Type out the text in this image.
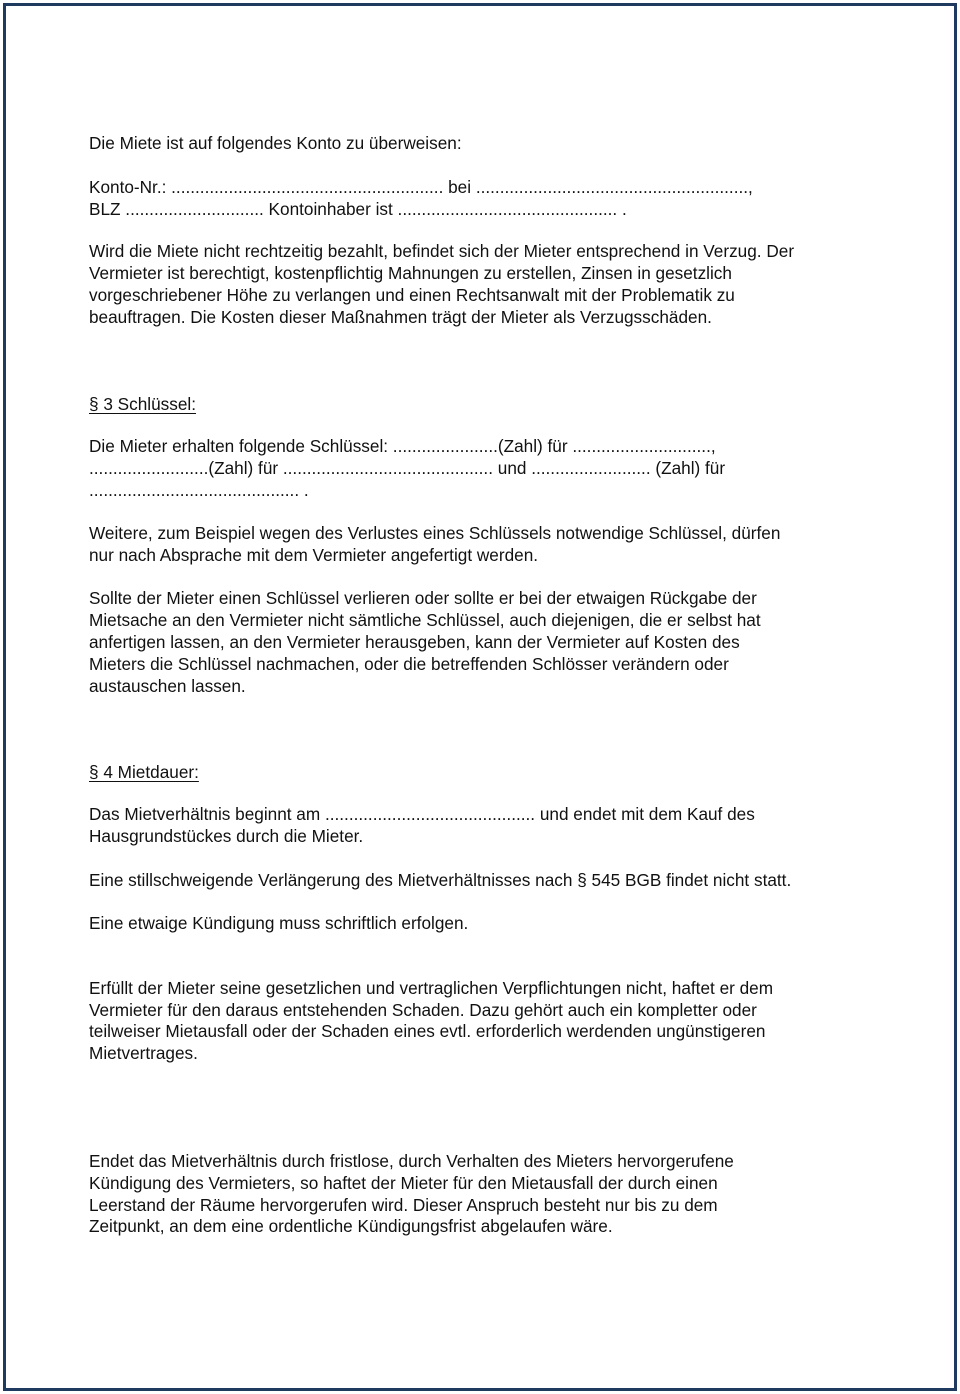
Die Miete ist auf folgendes Konto zu überweisen:
Konto-Nr.: ......................................................... bei .........................................................,
BLZ ............................. Kontoinhaber ist .............................................. .
Wird die Miete nicht rechtzeitig bezahlt, befindet sich der Mieter entsprechend in Verzug. Der
Vermieter ist berechtigt, kostenpflichtig Mahnungen zu erstellen, Zinsen in gesetzlich
vorgeschriebener Höhe zu verlangen und einen Rechtsanwalt mit der Problematik zu
beauftragen. Die Kosten dieser Maßnahmen trägt der Mieter als Verzugsschäden.
§ 3 Schlüssel:
Die Mieter erhalten folgende Schlüssel: ......................(Zahl) für .............................,
.........................(Zahl) für ............................................ und ......................... (Zahl) für
............................................ .
Weitere, zum Beispiel wegen des Verlustes eines Schlüssels notwendige Schlüssel, dürfen
nur nach Absprache mit dem Vermieter angefertigt werden.
Sollte der Mieter einen Schlüssel verlieren oder sollte er bei der etwaigen Rückgabe der
Mietsache an den Vermieter nicht sämtliche Schlüssel, auch diejenigen, die er selbst hat
anfertigen lassen, an den Vermieter herausgeben, kann der Vermieter auf Kosten des
Mieters die Schlüssel nachmachen, oder die betreffenden Schlösser verändern oder
austauschen lassen.
§ 4 Mietdauer:
Das Mietverhältnis beginnt am ............................................ und endet mit dem Kauf des
Hausgrundstückes durch die Mieter.
Eine stillschweigende Verlängerung des Mietverhältnisses nach § 545 BGB findet nicht statt.
Eine etwaige Kündigung muss schriftlich erfolgen.
Erfüllt der Mieter seine gesetzlichen und vertraglichen Verpflichtungen nicht, haftet er dem
Vermieter für den daraus entstehenden Schaden. Dazu gehört auch ein kompletter oder
teilweiser Mietausfall oder der Schaden eines evtl. erforderlich werdenden ungünstigeren
Mietvertrages.
Endet das Mietverhältnis durch fristlose, durch Verhalten des Mieters hervorgerufene
Kündigung des Vermieters, so haftet der Mieter für den Mietausfall der durch einen
Leerstand der Räume hervorgerufen wird. Dieser Anspruch besteht nur bis zu dem
Zeitpunkt, an dem eine ordentliche Kündigungsfrist abgelaufen wäre.
